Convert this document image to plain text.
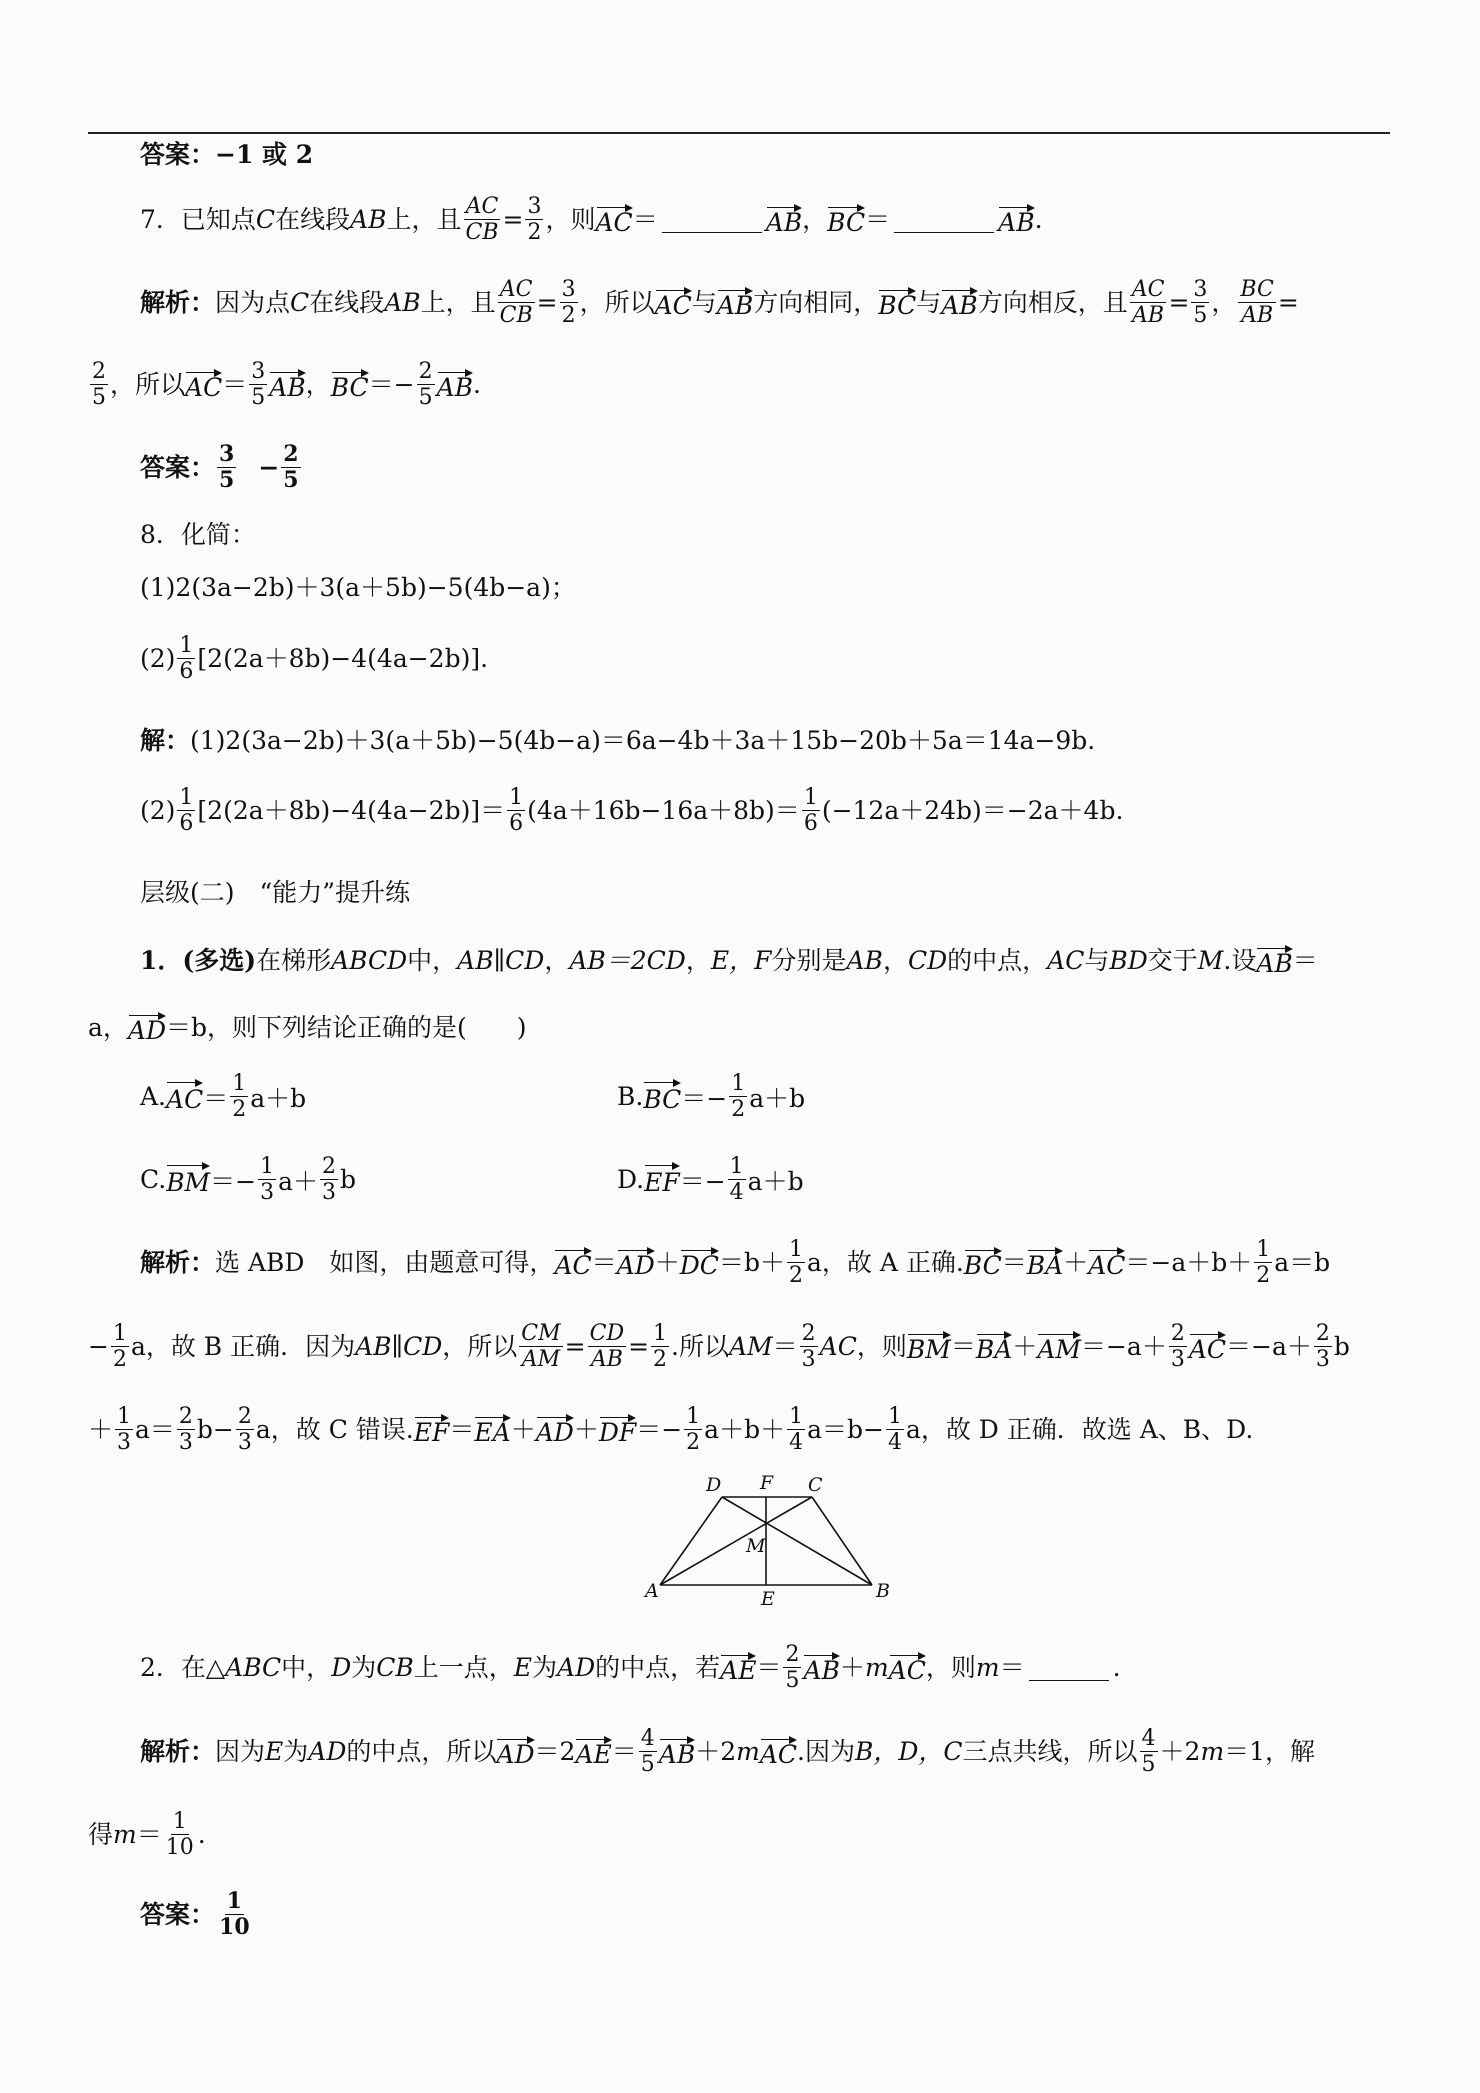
答案： −1 或 2
7． 已知点 C 在线段 AB 上，且 $\frac{AC}{CB} = \frac{3}{2}$ ，则 AC ＝	AB ， BC ＝	AB .
解析： 因为点 C 在线段 AB 上，且 $\frac{AC}{CB} = \frac{3}{2}$ ，所以 AC 与 AB 方向相同， BC 与 AB 方向相反，且 $\frac{AC}{AB} = \frac{3}{5}$ ， $\frac{BC}{AB}$ =
$\frac{2}{5}$ ，所以 AC ＝ $\frac{3}{5}$ AB ， BC ＝− $\frac{2}{5}$ AB .
答案： $\frac{3}{5} - \frac{2}{5}$
8．化简：
(1)2(3a−2b)＋3(a＋5b)−5(4b−a)；
$(2) \frac{1}{6} [2(2a+8b)-4(4a-2b)]$.
解： (1)2(3a−2b)＋3(a＋5b)−5(4b−a)＝6a−4b＋3a＋15b−20b＋5a＝14a−9b.
$(2) \frac{1}{6} [2(2a+8b)-4(4a-2b)]= \frac{1}{6} (4a+16b-16a+8b)= \frac{1}{6} (-12a+24b)=-2a+4b$.
层级(二)　“能力”提升练
1． (多选) 在梯形 ABCD 中， AB∥CD ， AB＝2CD ， E，F 分别是 AB ， CD 的中点， AC 与 BD 交于 M .设 AB ＝
a， AD ＝b，则下列结论正确的是(　　)
A. AC ＝ $\frac{1}{2} a+b$	B. BC ＝− $\frac{1}{2} a+b$
C. BM ＝− $\frac{1}{3} a+ \frac{2}{3}$ b	D. EF ＝− $\frac{1}{4} a+b$
解析： 选 ABD　如图，由题意可得， AC ＝ AD ＋ DC $=b+ \frac{1}{2}$ a，故 A 正确. BC ＝ BA ＋ AC $=-a+b+ \frac{1}{2} a=b$
− $\frac{1}{2}$ a，故 B 正确．因为 AB∥CD ，所以 $\frac{CM}{AM} = \frac{CD}{AB} = \frac{1}{2}$ .所以 AM ＝ $\frac{2}{3}$ AC ，则 BM ＝ BA ＋ AM $=-a+ \frac{2}{3}$ AC $=-a+ \frac{2}{3}$ b
＋ $\frac{1}{3} a= \frac{2}{3} b- \frac{2}{3}$ a，故 C 错误. EF ＝ EA ＋ AD ＋ DF ＝− $\frac{1}{2} a+b+ \frac{1}{4} a=b- \frac{1}{4}$ a，故 D 正确．故选 A、B、D.
D F C
M
A	E	B
2． 在△ ABC 中， D 为 CB 上一点， E 为 AD 的中点，若 AE ＝ $\frac{2}{5}$ AB ＋ m AC ，则 m ＝	.
解析： 因为 E 为 AD 的中点，所以 AD ＝2 AE ＝ $\frac{4}{5}$ AB ＋2 m AC .因为 B，D，C 三点共线，所以 $\frac{4}{5} +2$ m ＝1，解
得 $m = \frac{1}{10}$ .
答案： $\frac{1}{10}$
